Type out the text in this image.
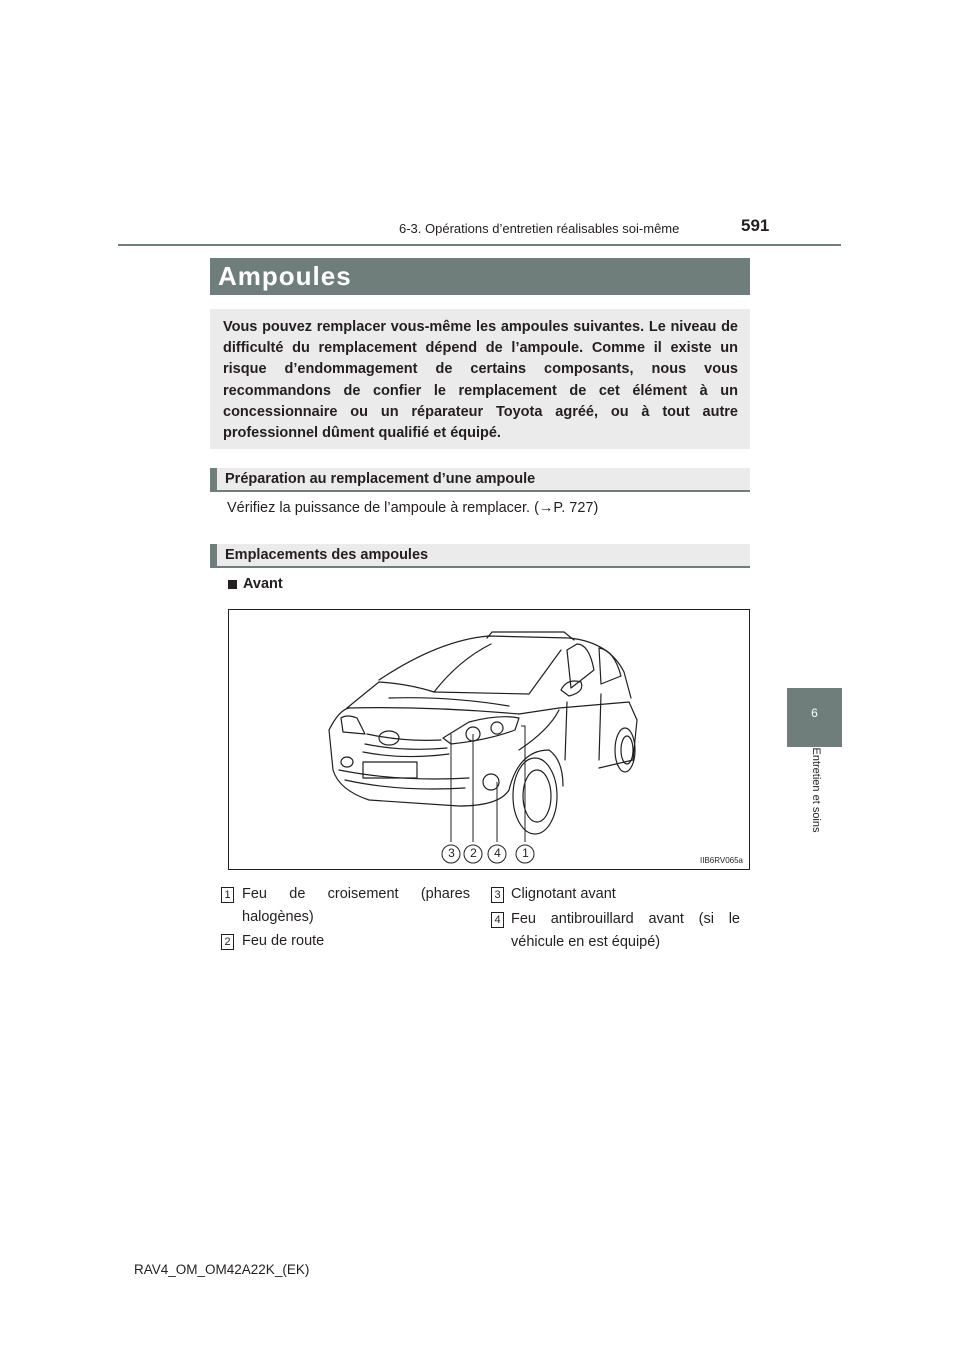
6-3. Opérations d’entretien réalisables soi-même	591
6
Entretien et soins
Ampoules

Vous pouvez remplacer vous-même les ampoules suivantes. Le niveau de difficulté du remplacement dépend de l’ampoule. Comme il existe un risque d’endommagement de certains composants, nous vous recommandons de confier le remplacement de cet élément à un concessionnaire ou un réparateur Toyota agréé, ou à tout autre professionnel dûment qualifié et équipé.

Préparation au remplacement d’une ampoule
Vérifiez la puissance de l’ampoule à remplacer. (→P. 727)
Emplacements des ampoules
Avant
3 2 4 1
IIB6RV065a
1 Feu de croisement (phares halogènes)
2 Feu de route
3 Clignotant avant
4 Feu antibrouillard avant (si le véhicule en est équipé)
RAV4_OM_OM42A22K_(EK)
